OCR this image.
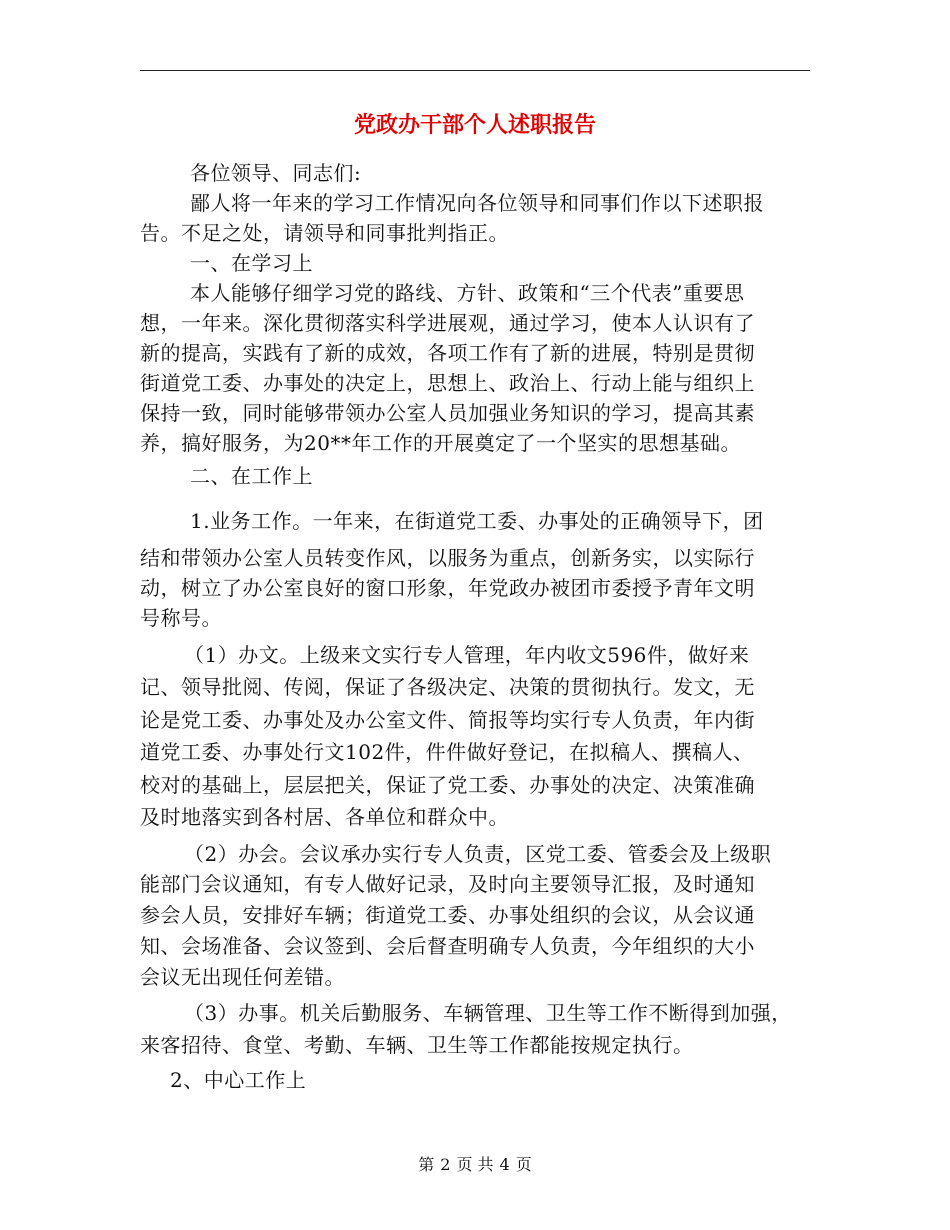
党政办干部个人述职报告
各位领导、同志们:
鄙人将一年来的学习工作情况向各位领导和同事们作以下述职报
告。不足之处，请领导和同事批判指正。
一、在学习上
本人能够仔细学习党的路线、方针、政策和“三个代表”重要思
想，一年来。深化贯彻落实科学进展观，通过学习，使本人认识有了
新的提高，实践有了新的成效，各项工作有了新的进展，特别是贯彻
街道党工委、办事处的决定上，思想上、政治上、行动上能与组织上
保持一致，同时能够带领办公室人员加强业务知识的学习，提高其素
养，搞好服务，为20**年工作的开展奠定了一个坚实的思想基础。
二、在工作上
1.业务工作。一年来，在街道党工委、办事处的正确领导下，团
结和带领办公室人员转变作风，以服务为重点，创新务实，以实际行
动，树立了办公室良好的窗口形象，年党政办被团市委授予青年文明
号称号。
（1）办文。上级来文实行专人管理，年内收文596件，做好来
记、领导批阅、传阅，保证了各级决定、决策的贯彻执行。发文，无
论是党工委、办事处及办公室文件、简报等均实行专人负责，年内街
道党工委、办事处行文102件，件件做好登记，在拟稿人、撰稿人、
校对的基础上，层层把关，保证了党工委、办事处的决定、决策准确
及时地落实到各村居、各单位和群众中。
（2）办会。会议承办实行专人负责，区党工委、管委会及上级职
能部门会议通知，有专人做好记录，及时向主要领导汇报，及时通知
参会人员，安排好车辆；街道党工委、办事处组织的会议，从会议通
知、会场准备、会议签到、会后督查明确专人负责，今年组织的大小
会议无出现任何差错。
（3）办事。机关后勤服务、车辆管理、卫生等工作不断得到加强，
来客招待、食堂、考勤、车辆、卫生等工作都能按规定执行。
2、中心工作上
第 2 页 共 4 页
